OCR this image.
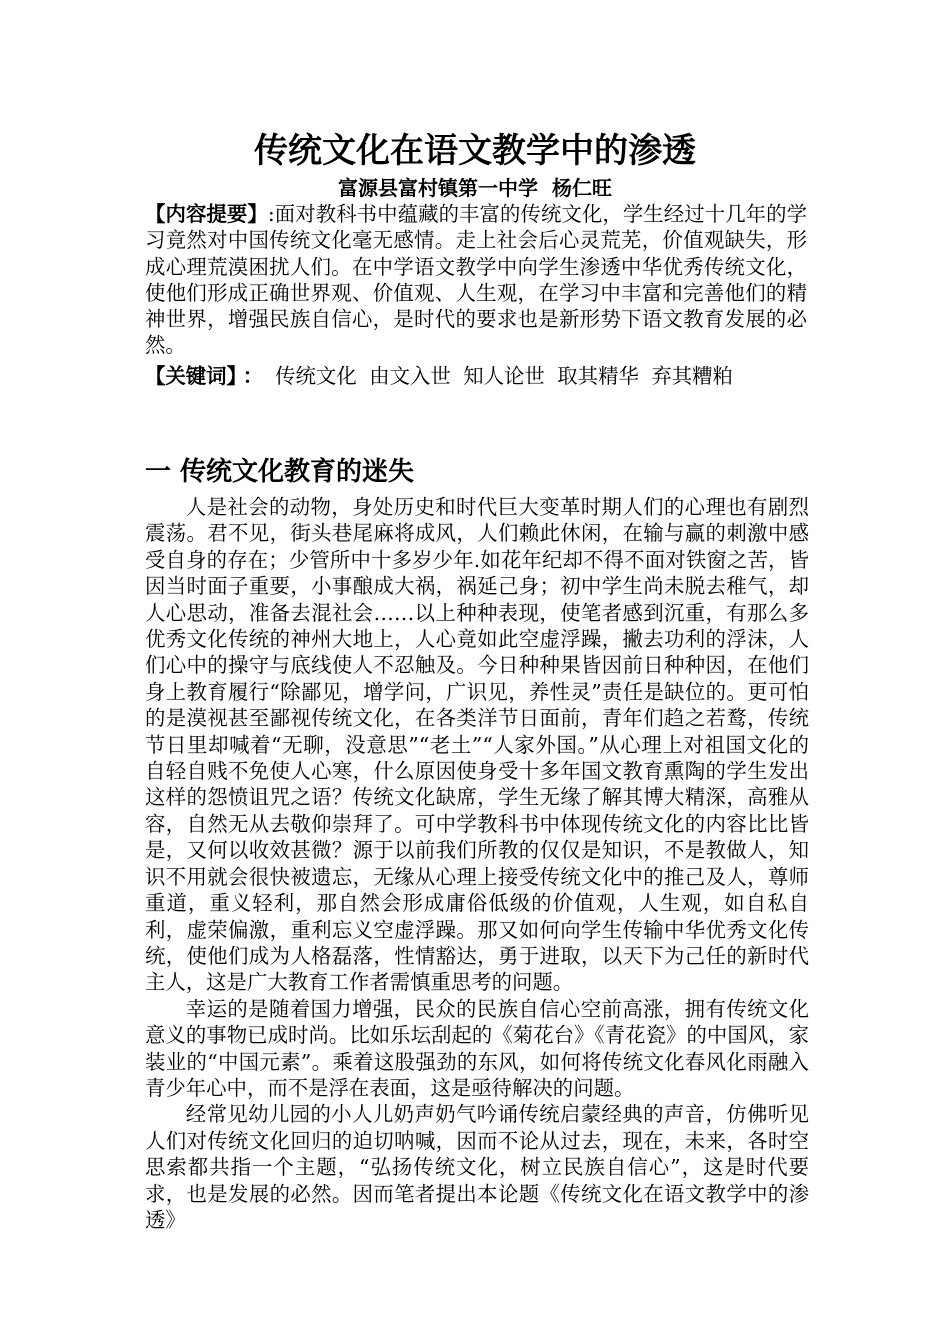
传统文化在语文教学中的渗透
富源县富村镇第一中学 杨仁旺

【内容提要】:面对教科书中蕴藏的丰富的传统文化，学生经过十几年的学习竟然对中国传统文化毫无感情。走上社会后心灵荒芜，价值观缺失，形成心理荒漠困扰人们。在中学语文教学中向学生渗透中华优秀传统文化，使他们形成正确世界观、价值观、人生观，在学习中丰富和完善他们的精神世界，增强民族自信心，是时代的要求也是新形势下语文教育发展的必然。

【关键词】 ： 传统文化 由文入世 知人论世 取其精华 弃其糟粕

一 传统文化教育的迷失

人是社会的动物，身处历史和时代巨大变革时期人们的心理也有剧烈震荡。君不见，街头巷尾麻将成风，人们赖此休闲，在输与赢的刺激中感受自身的存在；少管所中十多岁少年.如花年纪却不得不面对铁窗之苦，皆因当时面子重要，小事酿成大祸，祸延己身；初中学生尚未脱去稚气，却人心思动，准备去混社会……以上种种表现，使笔者感到沉重，有那么多优秀文化传统的神州大地上，人心竟如此空虚浮躁，撇去功利的浮沫，人们心中的操守与底线使人不忍触及。今日种种果皆因前日种种因，在他们身上教育履行“除鄙见，增学问，广识见，养性灵”责任是缺位的。更可怕的是漠视甚至鄙视传统文化，在各类洋节日面前，青年们趋之若鹜，传统节日里却喊着“无聊，没意思”“老土”“人家外国。”从心理上对祖国文化的自轻自贱不免使人心寒，什么原因使身受十多年国文教育熏陶的学生发出这样的怨愤诅咒之语？传统文化缺席，学生无缘了解其博大精深，高雅从容，自然无从去敬仰崇拜了。可中学教科书中体现传统文化的内容比比皆是，又何以收效甚微？源于以前我们所教的仅仅是知识，不是教做人，知识不用就会很快被遗忘，无缘从心理上接受传统文化中的推己及人，尊师重道，重义轻利，那自然会形成庸俗低级的价值观，人生观，如自私自利，虚荣偏激，重利忘义空虚浮躁。那又如何向学生传输中华优秀文化传统，使他们成为人格磊落，性情豁达，勇于进取，以天下为己任的新时代主人，这是广大教育工作者需慎重思考的问题。

幸运的是随着国力增强，民众的民族自信心空前高涨，拥有传统文化意义的事物已成时尚。比如乐坛刮起的《菊花台》《青花瓷》的中国风，家装业的“中国元素”。乘着这股强劲的东风，如何将传统文化春风化雨融入青少年心中，而不是浮在表面，这是亟待解决的问题。

经常见幼儿园的小人儿奶声奶气吟诵传统启蒙经典的声音，仿佛听见人们对传统文化回归的迫切呐喊，因而不论从过去，现在，未来，各时空思索都共指一个主题，“弘扬传统文化，树立民族自信心”，这是时代要求，也是发展的必然。因而笔者提出本论题《传统文化在语文教学中的渗透》
